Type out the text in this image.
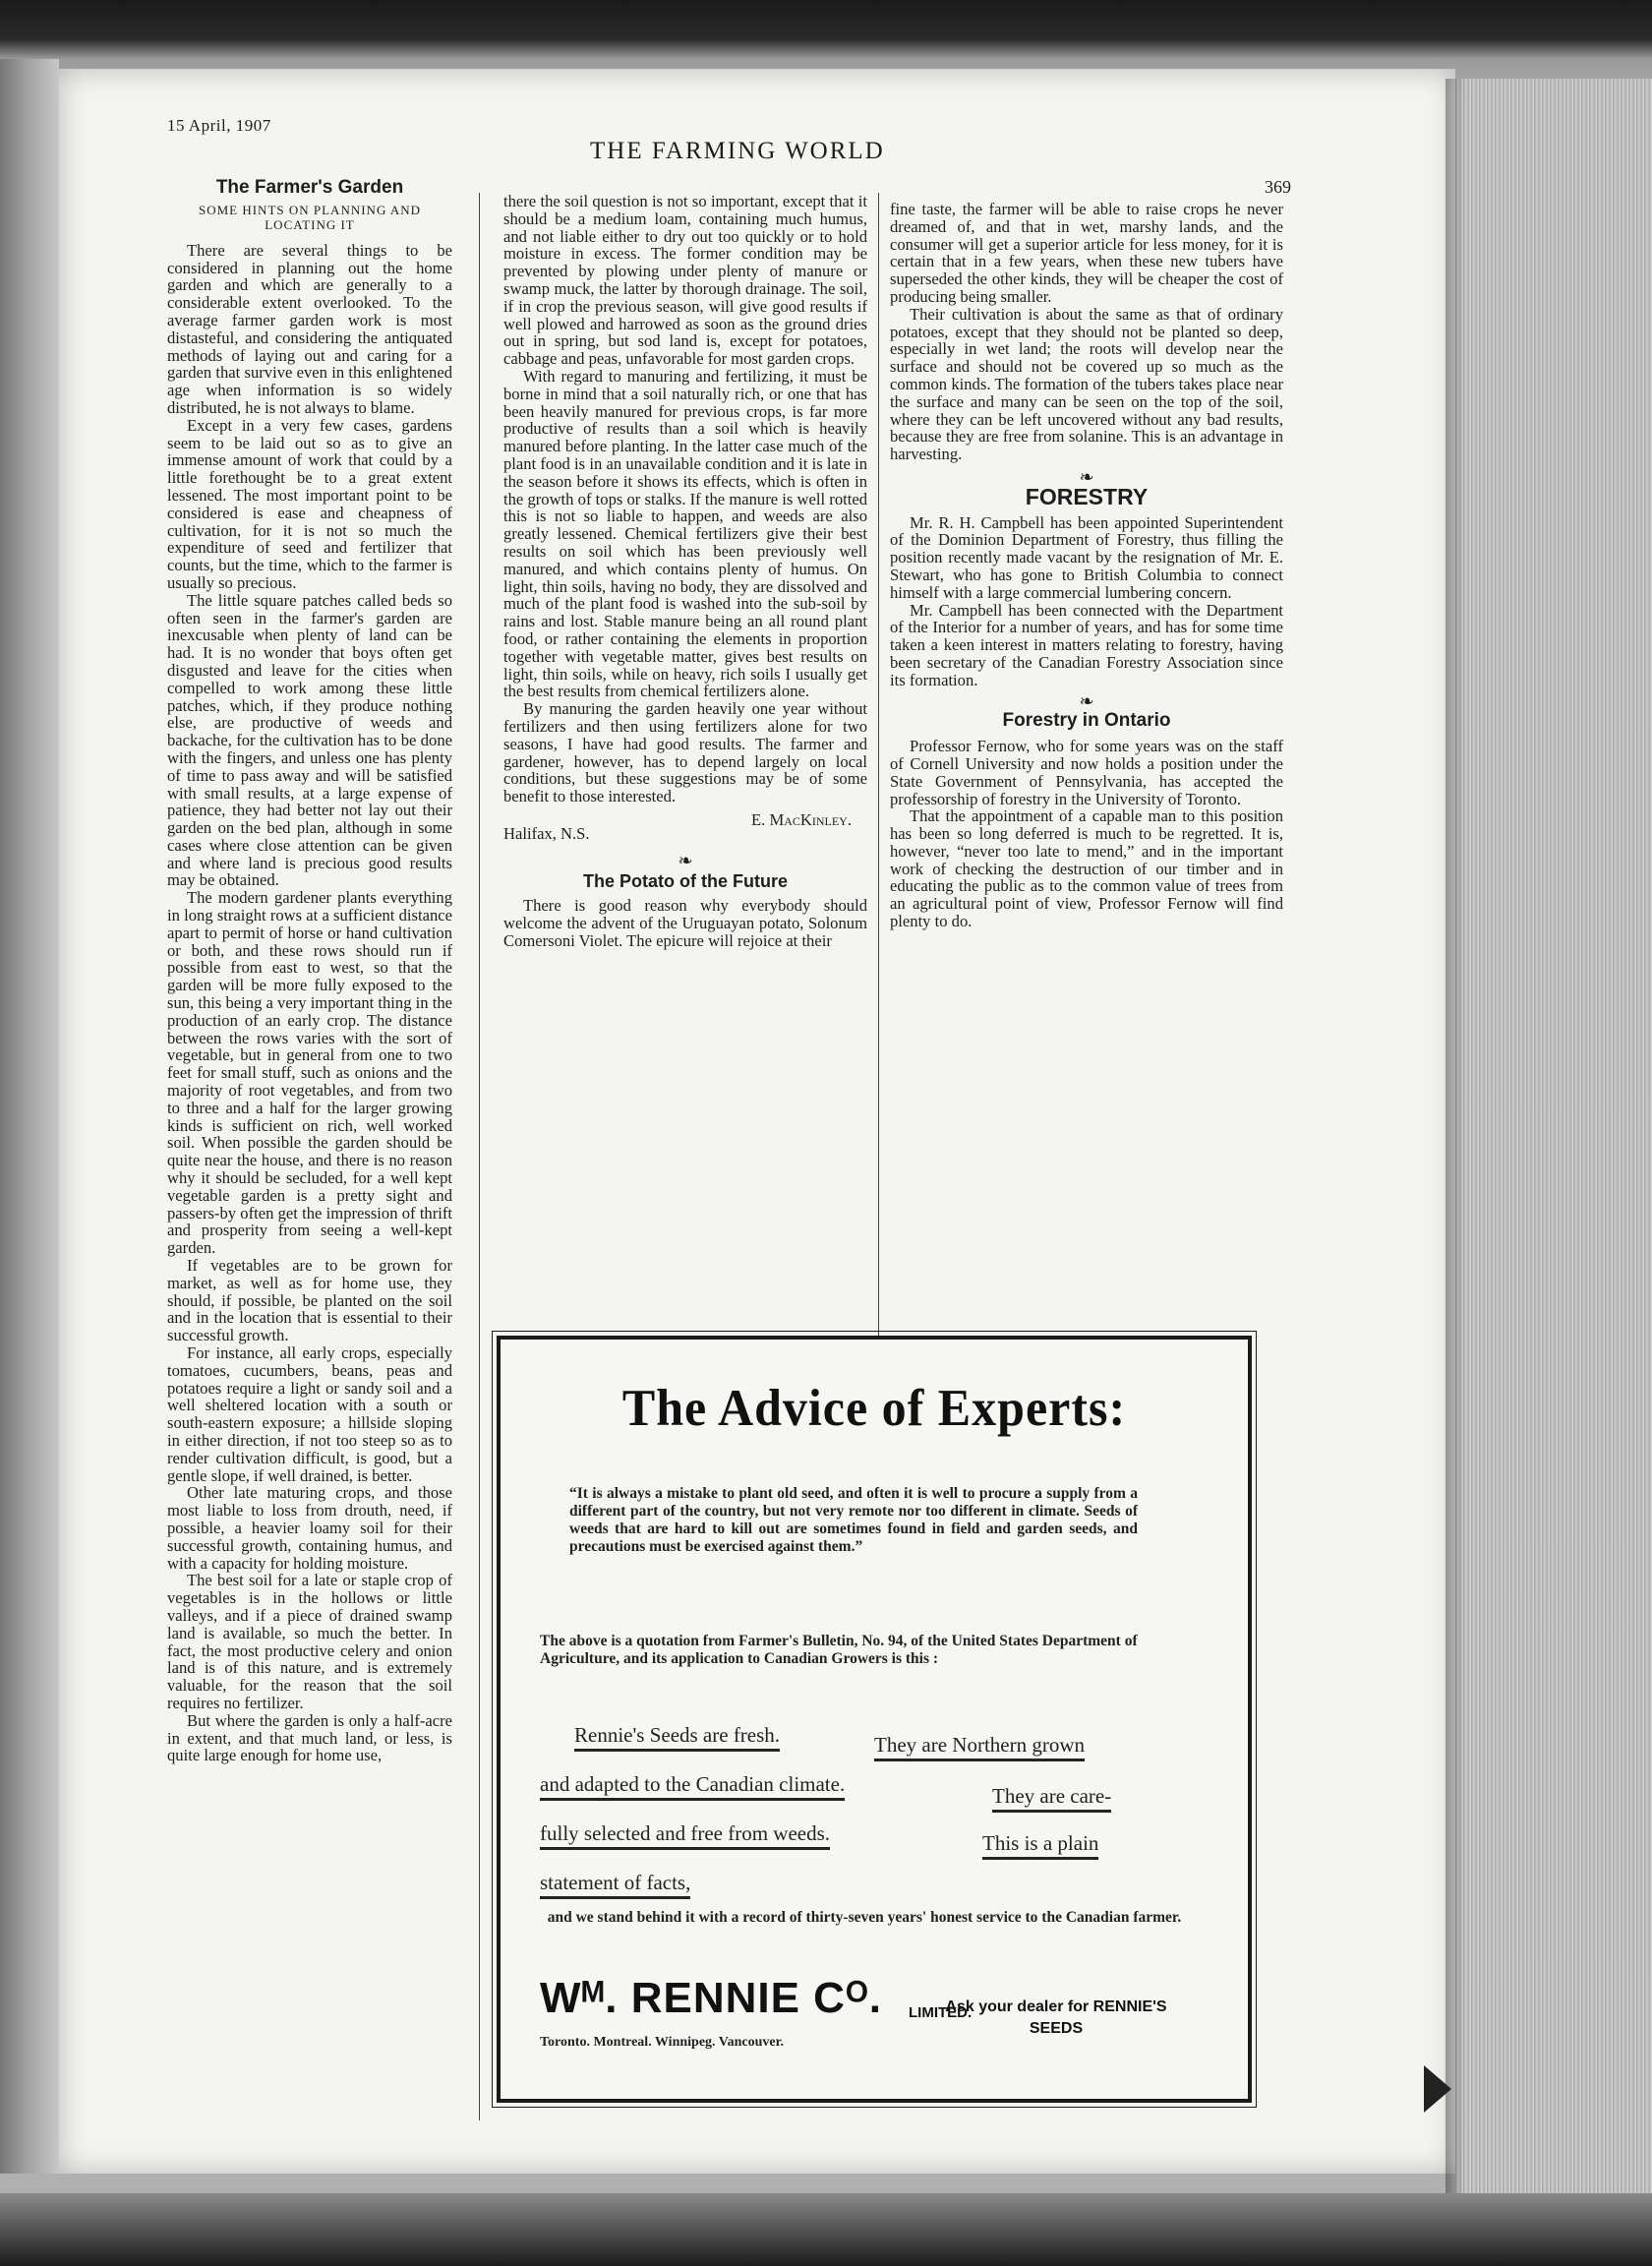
15 April, 1907
THE FARMING WORLD
369
The Farmer's Garden
SOME HINTS ON PLANNING AND LOCATING IT

There are several things to be considered in planning out the home garden and which are generally to a considerable extent overlooked. To the average farmer garden work is most distasteful, and considering the antiquated methods of laying out and caring for a garden that survive even in this enlightened age when information is so widely distributed, he is not always to blame.

Except in a very few cases, gardens seem to be laid out so as to give an immense amount of work that could by a little forethought be to a great extent lessened. The most important point to be considered is ease and cheapness of cultivation, for it is not so much the expenditure of seed and fertilizer that counts, but the time, which to the farmer is usually so precious.

The little square patches called beds so often seen in the farmer's garden are inexcusable when plenty of land can be had. It is no wonder that boys often get disgusted and leave for the cities when compelled to work among these little patches, which, if they produce nothing else, are productive of weeds and backache, for the cultivation has to be done with the fingers, and unless one has plenty of time to pass away and will be satisfied with small results, at a large expense of patience, they had better not lay out their garden on the bed plan, although in some cases where close attention can be given and where land is precious good results may be obtained.

The modern gardener plants everything in long straight rows at a sufficient distance apart to permit of horse or hand cultivation or both, and these rows should run if possible from east to west, so that the garden will be more fully exposed to the sun, this being a very important thing in the production of an early crop. The distance between the rows varies with the sort of vegetable, but in general from one to two feet for small stuff, such as onions and the majority of root vegetables, and from two to three and a half for the larger growing kinds is sufficient on rich, well worked soil. When possible the garden should be quite near the house, and there is no reason why it should be secluded, for a well kept vegetable garden is a pretty sight and passers-by often get the impression of thrift and prosperity from seeing a well-kept garden.

If vegetables are to be grown for market, as well as for home use, they should, if possible, be planted on the soil and in the location that is essential to their successful growth.

For instance, all early crops, especially tomatoes, cucumbers, beans, peas and potatoes require a light or sandy soil and a well sheltered location with a south or south-eastern exposure; a hillside sloping in either direction, if not too steep so as to render cultivation difficult, is good, but a gentle slope, if well drained, is better.

Other late maturing crops, and those most liable to loss from drouth, need, if possible, a heavier loamy soil for their successful growth, containing humus, and with a capacity for holding moisture.

The best soil for a late or staple crop of vegetables is in the hollows or little valleys, and if a piece of drained swamp land is available, so much the better. In fact, the most productive celery and onion land is of this nature, and is extremely valuable, for the reason that the soil requires no fertilizer.

But where the garden is only a half-acre in extent, and that much land, or less, is quite large enough for home use,

there the soil question is not so important, except that it should be a medium loam, containing much humus, and not liable either to dry out too quickly or to hold moisture in excess. The former condition may be prevented by plowing under plenty of manure or swamp muck, the latter by thorough drainage. The soil, if in crop the previous season, will give good results if well plowed and harrowed as soon as the ground dries out in spring, but sod land is, except for potatoes, cabbage and peas, unfavorable for most garden crops.

With regard to manuring and fertilizing, it must be borne in mind that a soil naturally rich, or one that has been heavily manured for previous crops, is far more productive of results than a soil which is heavily manured before planting. In the latter case much of the plant food is in an unavailable condition and it is late in the season before it shows its effects, which is often in the growth of tops or stalks. If the manure is well rotted this is not so liable to happen, and weeds are also greatly lessened. Chemical fertilizers give their best results on soil which has been previously well manured, and which contains plenty of humus. On light, thin soils, having no body, they are dissolved and much of the plant food is washed into the sub-soil by rains and lost. Stable manure being an all round plant food, or rather containing the elements in proportion together with vegetable matter, gives best results on light, thin soils, while on heavy, rich soils I usually get the best results from chemical fertilizers alone.

By manuring the garden heavily one year without fertilizers and then using fertilizers alone for two seasons, I have had good results. The farmer and gardener, however, has to depend largely on local conditions, but these suggestions may be of some benefit to those interested.

Halifax, N.S.
E. MacKinley.
❧
The Potato of the Future

There is good reason why everybody should welcome the advent of the Uruguayan potato, Solonum Comersoni Violet. The epicure will rejoice at their

fine taste, the farmer will be able to raise crops he never dreamed of, and that in wet, marshy lands, and the consumer will get a superior article for less money, for it is certain that in a few years, when these new tubers have superseded the other kinds, they will be cheaper the cost of producing being smaller.

Their cultivation is about the same as that of ordinary potatoes, except that they should not be planted so deep, especially in wet land; the roots will develop near the surface and should not be covered up so much as the common kinds. The formation of the tubers takes place near the surface and many can be seen on the top of the soil, where they can be left uncovered without any bad results, because they are free from solanine. This is an advantage in harvesting.

❧
FORESTRY

Mr. R. H. Campbell has been appointed Superintendent of the Dominion Department of Forestry, thus filling the position recently made vacant by the resignation of Mr. E. Stewart, who has gone to British Columbia to connect himself with a large commercial lumbering concern.

Mr. Campbell has been connected with the Department of the Interior for a number of years, and has for some time taken a keen interest in matters relating to forestry, having been secretary of the Canadian Forestry Association since its formation.

❧
Forestry in Ontario

Professor Fernow, who for some years was on the staff of Cornell University and now holds a position under the State Government of Pennsylvania, has accepted the professorship of forestry in the University of Toronto.

That the appointment of a capable man to this position has been so long deferred is much to be regretted. It is, however, “never too late to mend,” and in the important work of checking the destruction of our timber and in educating the public as to the common value of trees from an agricultural point of view, Professor Fernow will find plenty to do.

The Advice of Experts:
“It is always a mistake to plant old seed, and often it is well to procure a supply from a different part of the country, but not very remote nor too different in climate. Seeds of weeds that are hard to kill out are sometimes found in field and garden seeds, and precautions must be exercised against them.”
The above is a quotation from Farmer's Bulletin, No. 94, of the United States Department of Agriculture, and its application to Canadian Growers is this :
Rennie's Seeds are fresh.	They are Northern grown
and adapted to the Canadian climate.	They are care-
fully selected and free from weeds.	This is a plain
statement of facts,
and we stand behind it with a record of thirty-seven years' honest service to the Canadian farmer.
Wᴹ. RENNIE Cᴼ. LIMITED.
Toronto. Montreal. Winnipeg. Vancouver.
Ask your dealer for RENNIE'S SEEDS
